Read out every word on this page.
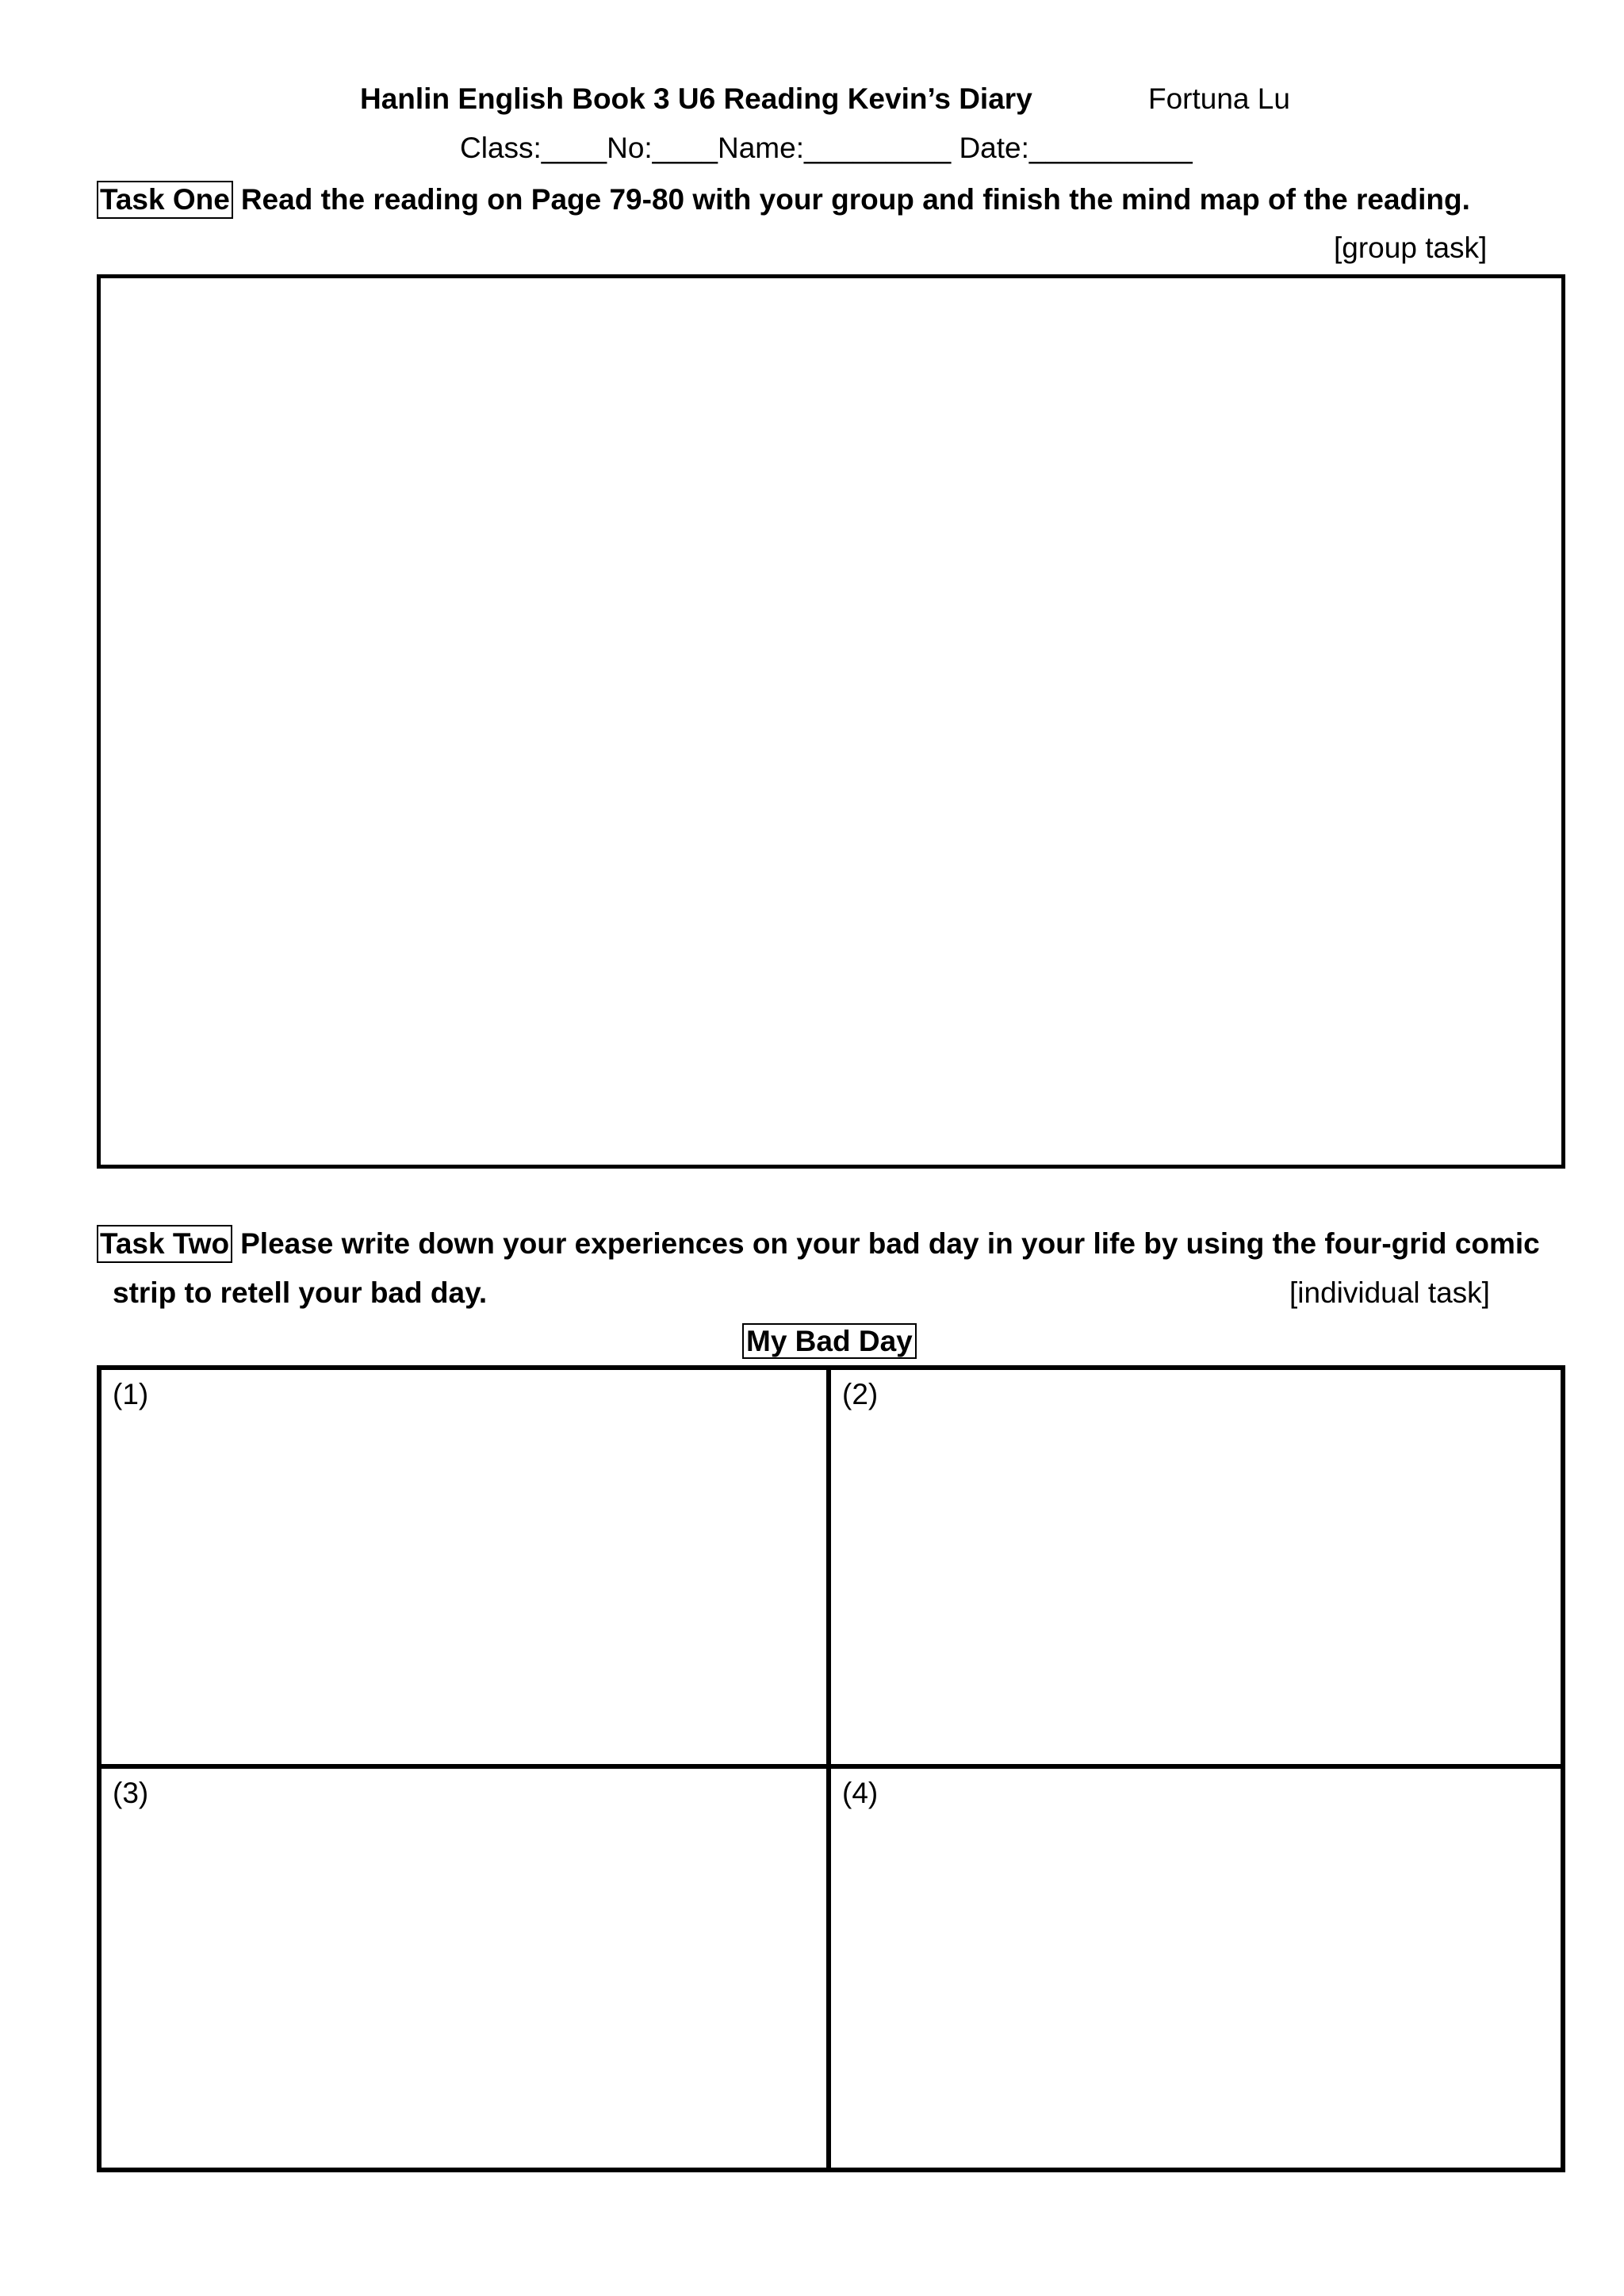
Hanlin English Book 3 U6 Reading Kevin’s Diary	Fortuna Lu
Class:____No:____Name:_________ Date:__________
Task One Read the reading on Page 79-80 with your group and finish the mind map of the reading.
[group task]
Task Two Please write down your experiences on your bad day in your life by using the four-grid comic
strip to retell your bad day.	[individual task]
My Bad Day
(1)	(2)
(3)	(4)
